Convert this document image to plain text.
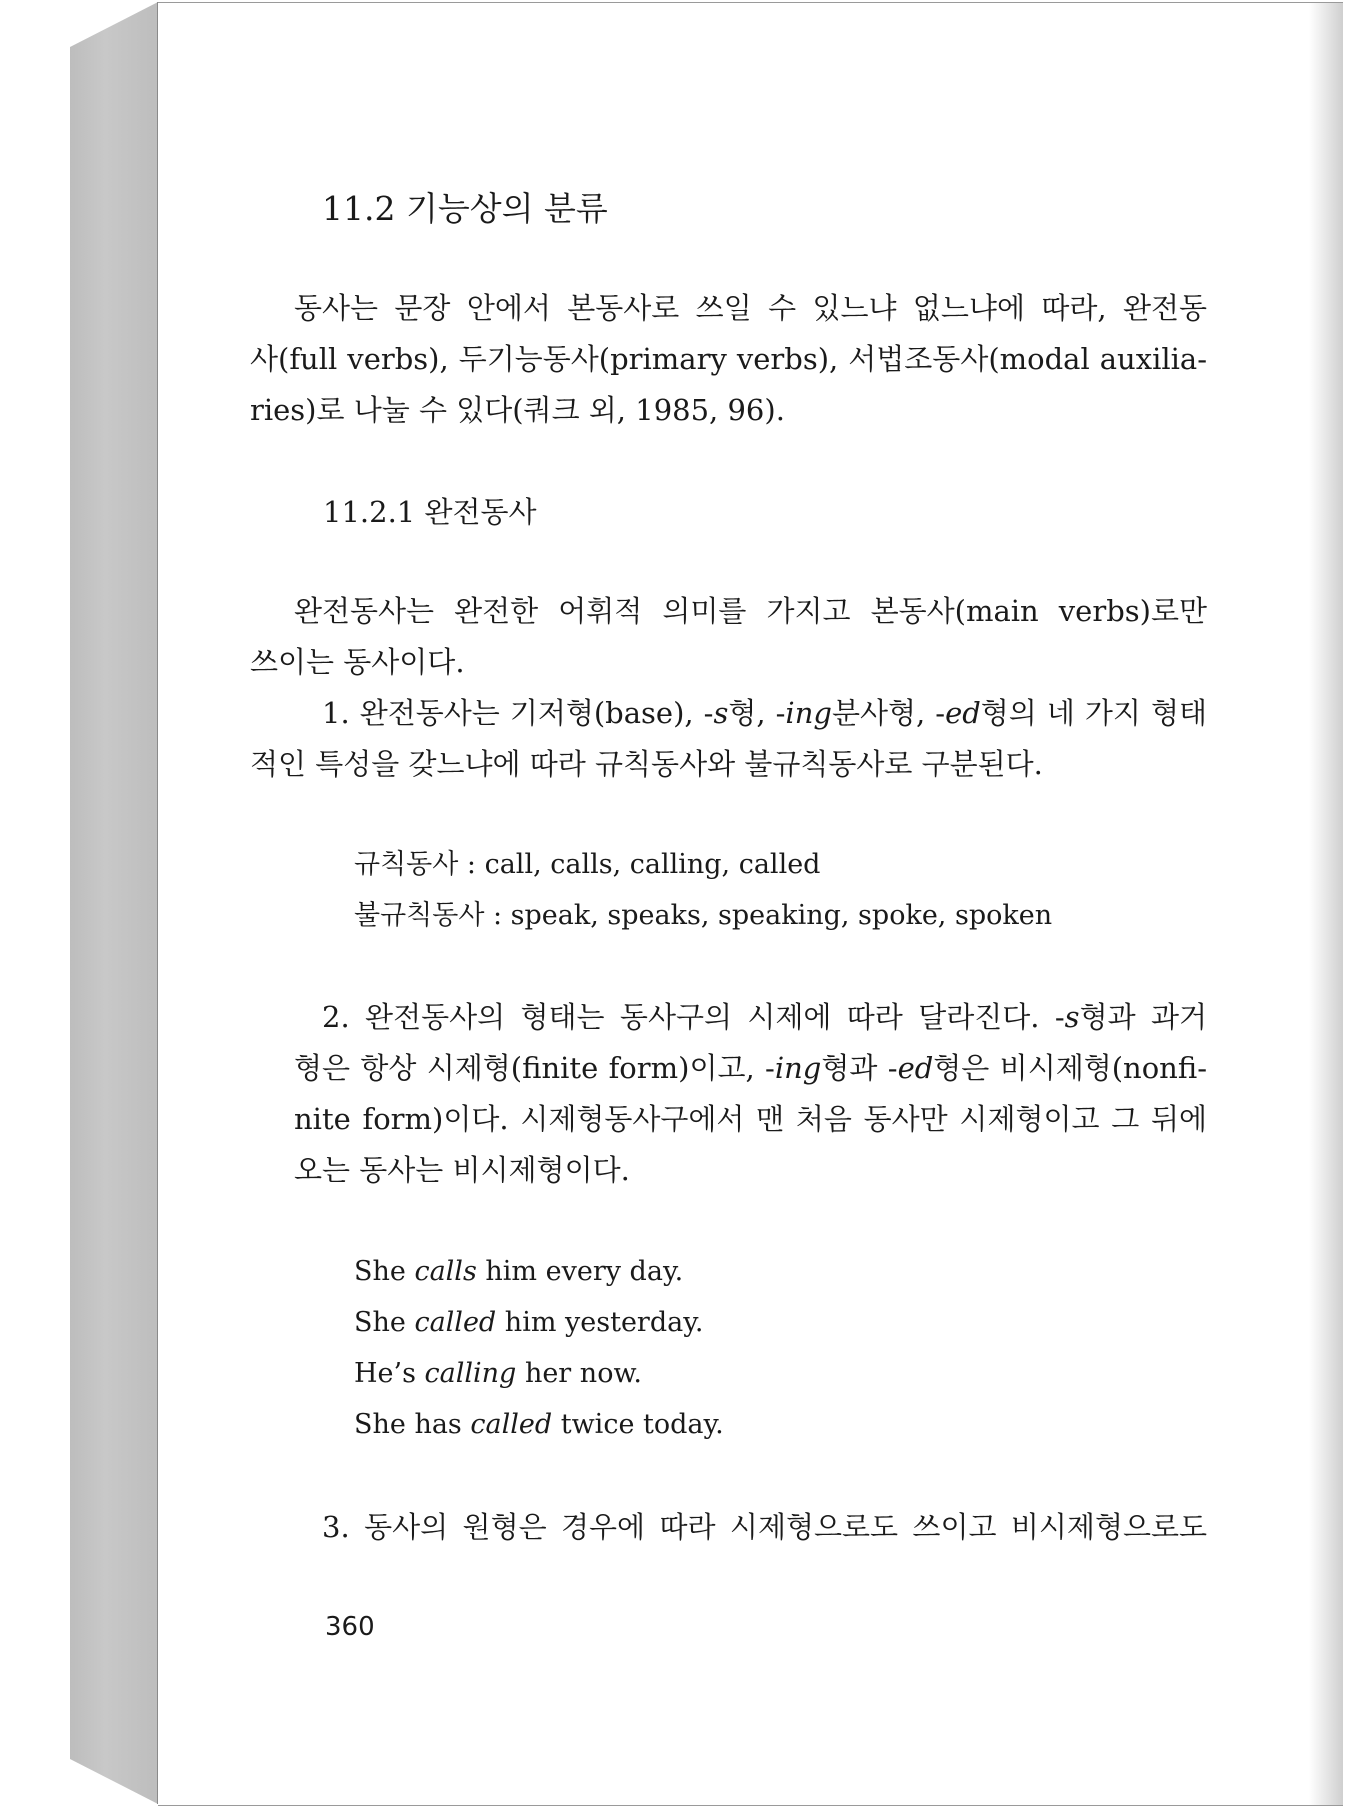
11.2 기능상의 분류
동사는 문장 안에서 본동사로 쓰일 수 있느냐 없느냐에 따라, 완전동
사(full verbs), 두기능동사(primary verbs), 서법조동사(modal auxilia-
ries)로 나눌 수 있다(쿼크 외, 1985, 96).
11.2.1 완전동사
완전동사는 완전한 어휘적 의미를 가지고 본동사(main verbs)로만
쓰이는 동사이다.
1. 완전동사는 기저형(base), -s형, -ing분사형, -ed형의 네 가지 형태
적인 특성을 갖느냐에 따라 규칙동사와 불규칙동사로 구분된다.
규칙동사 : call, calls, calling, called
불규칙동사 : speak, speaks, speaking, spoke, spoken
2. 완전동사의 형태는 동사구의 시제에 따라 달라진다. -s형과 과거
형은 항상 시제형(finite form)이고, -ing형과 -ed형은 비시제형(nonfi-
nite form)이다. 시제형동사구에서 맨 처음 동사만 시제형이고 그 뒤에
오는 동사는 비시제형이다.
She calls him every day.
She called him yesterday.
He’s calling her now.
She has called twice today.
3. 동사의 원형은 경우에 따라 시제형으로도 쓰이고 비시제형으로도
360
